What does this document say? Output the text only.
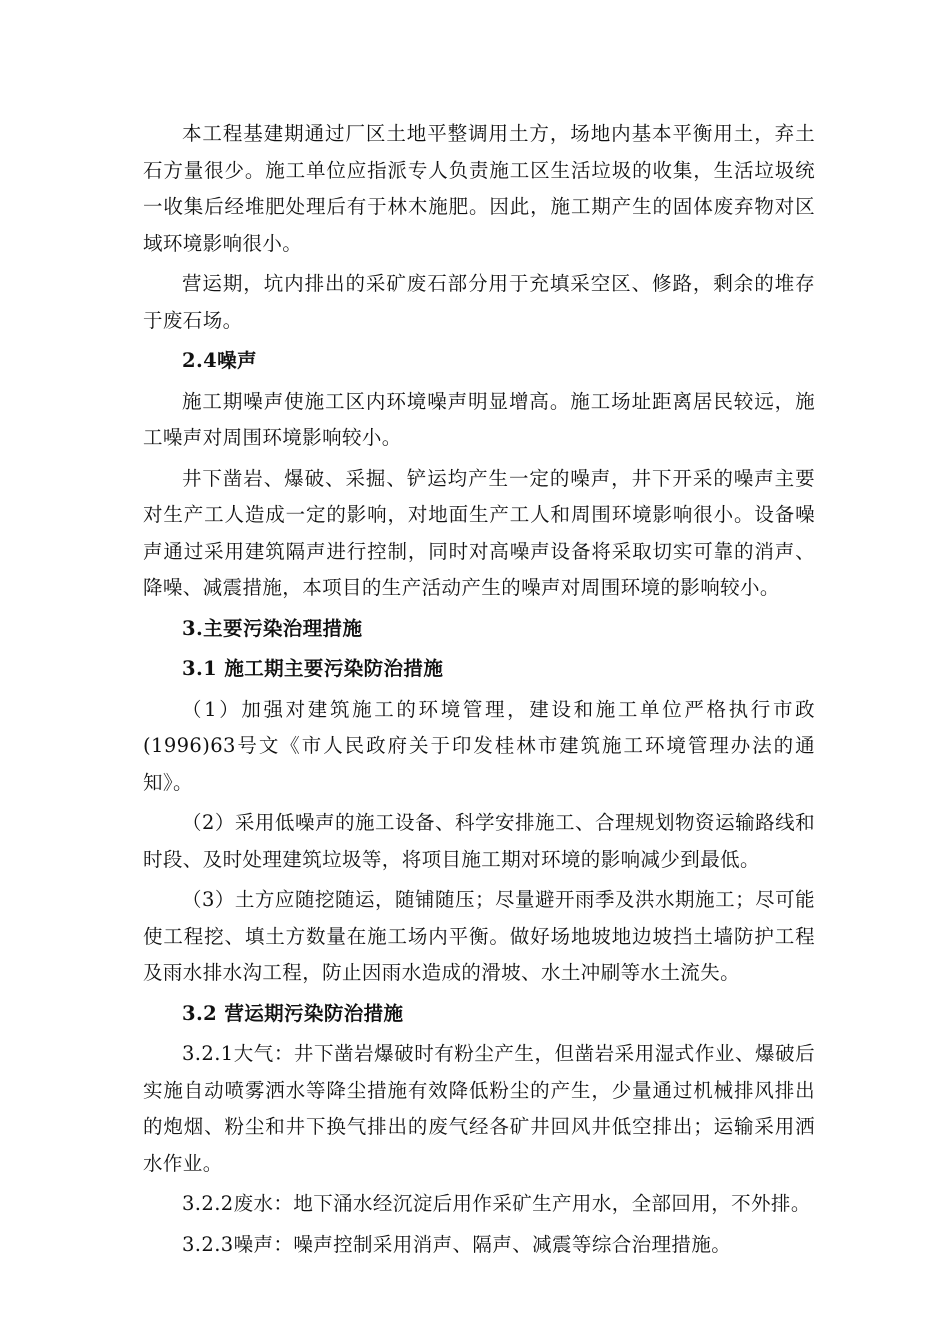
本工程基建期通过厂区土地平整调用土方，场地内基本平衡用土，弃土石方量很少。施工单位应指派专人负责施工区生活垃圾的收集，生活垃圾统一收集后经堆肥处理后有于林木施肥。因此，施工期产生的固体废弃物对区域环境影响很小。

营运期，坑内排出的采矿废石部分用于充填采空区、修路，剩余的堆存于废石场。

2.4噪声

施工期噪声使施工区内环境噪声明显增高。施工场址距离居民较远，施工噪声对周围环境影响较小。

井下凿岩、爆破、采掘、铲运均产生一定的噪声，井下开采的噪声主要对生产工人造成一定的影响，对地面生产工人和周围环境影响很小。设备噪声通过采用建筑隔声进行控制，同时对高噪声设备将采取切实可靠的消声、降噪、减震措施，本项目的生产活动产生的噪声对周围环境的影响较小。

3.主要污染治理措施

3.1 施工期主要污染防治措施

（1）加强对建筑施工的环境管理，建设和施工单位严格执行市政(1996)63号文《市人民政府关于印发桂林市建筑施工环境管理办法的通知》。

（2）采用低噪声的施工设备、科学安排施工、合理规划物资运输路线和时段、及时处理建筑垃圾等，将项目施工期对环境的影响减少到最低。

（3）土方应随挖随运，随铺随压；尽量避开雨季及洪水期施工；尽可能使工程挖、填土方数量在施工场内平衡。做好场地坡地边坡挡土墙防护工程及雨水排水沟工程，防止因雨水造成的滑坡、水土冲刷等水土流失。

3.2 营运期污染防治措施

3.2.1大气：井下凿岩爆破时有粉尘产生，但凿岩采用湿式作业、爆破后实施自动喷雾洒水等降尘措施有效降低粉尘的产生，少量通过机械排风排出的炮烟、粉尘和井下换气排出的废气经各矿井回风井低空排出；运输采用洒水作业。

3.2.2废水：地下涌水经沉淀后用作采矿生产用水，全部回用，不外排。

3.2.3噪声：噪声控制采用消声、隔声、减震等综合治理措施。
